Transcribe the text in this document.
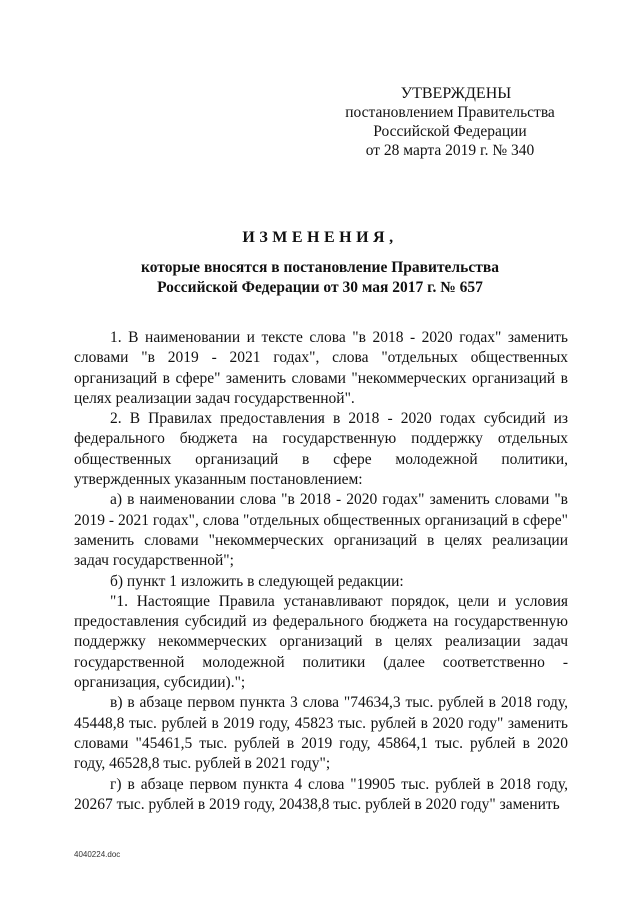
УТВЕРЖДЕНЫ
постановлением Правительства
Российской Федерации
от 28 марта 2019 г. № 340
ИЗМЕНЕНИЯ,
которые вносятся в постановление Правительства
Российской Федерации от 30 мая 2017 г. № 657

1. В наименовании и тексте слова "в 2018 - 2020 годах" заменить словами "в 2019 - 2021 годах", слова "отдельных общественных организаций в сфере" заменить словами "некоммерческих организаций в целях реализации задач государственной".

2. В Правилах предоставления в 2018 - 2020 годах субсидий из федерального бюджета на государственную поддержку отдельных общественных организаций в сфере молодежной политики, утвержденных указанным постановлением:

а) в наименовании слова "в 2018 - 2020 годах" заменить словами "в 2019 - 2021 годах", слова "отдельных общественных организаций в сфере" заменить словами "некоммерческих организаций в целях реализации задач государственной";

б) пункт 1 изложить в следующей редакции:

"1. Настоящие Правила устанавливают порядок, цели и условия предоставления субсидий из федерального бюджета на государственную поддержку некоммерческих организаций в целях реализации задач государственной молодежной политики (далее соответственно - организация, субсидии).";

в) в абзаце первом пункта 3 слова "74634,3 тыс. рублей в 2018 году, 45448,8 тыс. рублей в 2019 году, 45823 тыс. рублей в 2020 году" заменить словами "45461,5 тыс. рублей в 2019 году, 45864,1 тыс. рублей в 2020 году, 46528,8 тыс. рублей в 2021 году";

г) в абзаце первом пункта 4 слова "19905 тыс. рублей в 2018 году, 20267 тыс. рублей в 2019 году, 20438,8 тыс. рублей в 2020 году" заменить

4040224.doc
